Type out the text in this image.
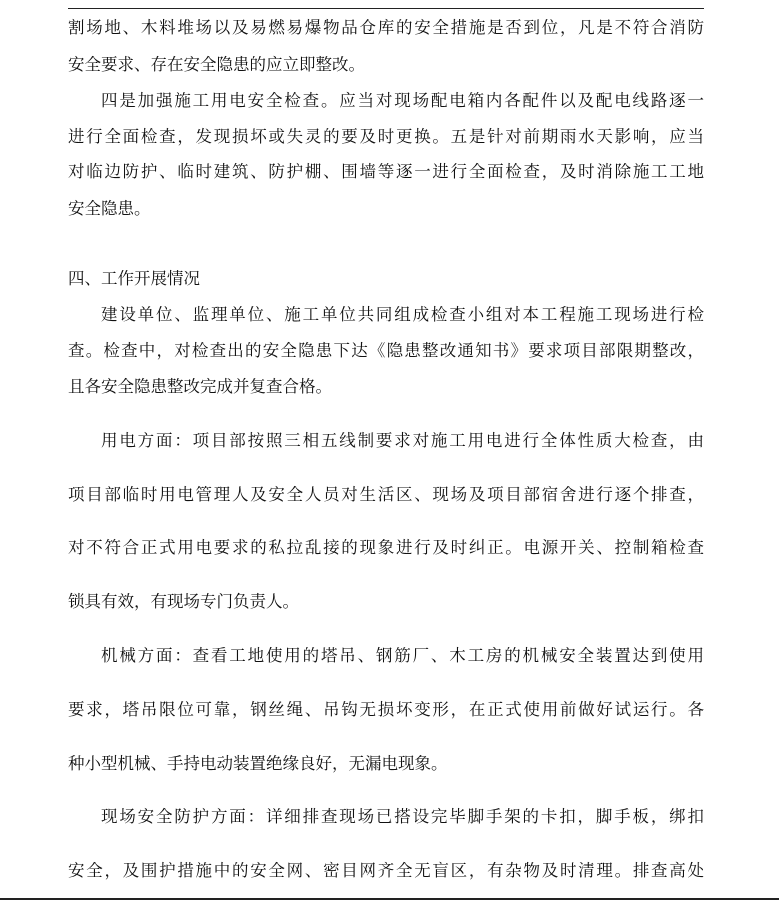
割场地、木料堆场以及易燃易爆物品仓库的安全措施是否到位，凡是不符合消防
安全要求、存在安全隐患的应立即整改。
四是加强施工用电安全检查。应当对现场配电箱内各配件以及配电线路逐一
进行全面检查，发现损坏或失灵的要及时更换。五是针对前期雨水天影响，应当
对临边防护、临时建筑、防护棚、围墙等逐一进行全面检查，及时消除施工工地
安全隐患。
四、工作开展情况
建设单位、监理单位、施工单位共同组成检查小组对本工程施工现场进行检
查。检查中，对检查出的安全隐患下达《隐患整改通知书》要求项目部限期整改，
且各安全隐患整改完成并复查合格。
用电方面：项目部按照三相五线制要求对施工用电进行全体性质大检查，由
项目部临时用电管理人及安全人员对生活区、现场及项目部宿舍进行逐个排查，
对不符合正式用电要求的私拉乱接的现象进行及时纠正。电源开关、控制箱检查
锁具有效，有现场专门负责人。
机械方面：查看工地使用的塔吊、钢筋厂、木工房的机械安全装置达到使用
要求，塔吊限位可靠，钢丝绳、吊钩无损坏变形，在正式使用前做好试运行。各
种小型机械、手持电动装置绝缘良好，无漏电现象。
现场安全防护方面：详细排查现场已搭设完毕脚手架的卡扣，脚手板，绑扣
安全，及围护措施中的安全网、密目网齐全无盲区，有杂物及时清理。排查高处
